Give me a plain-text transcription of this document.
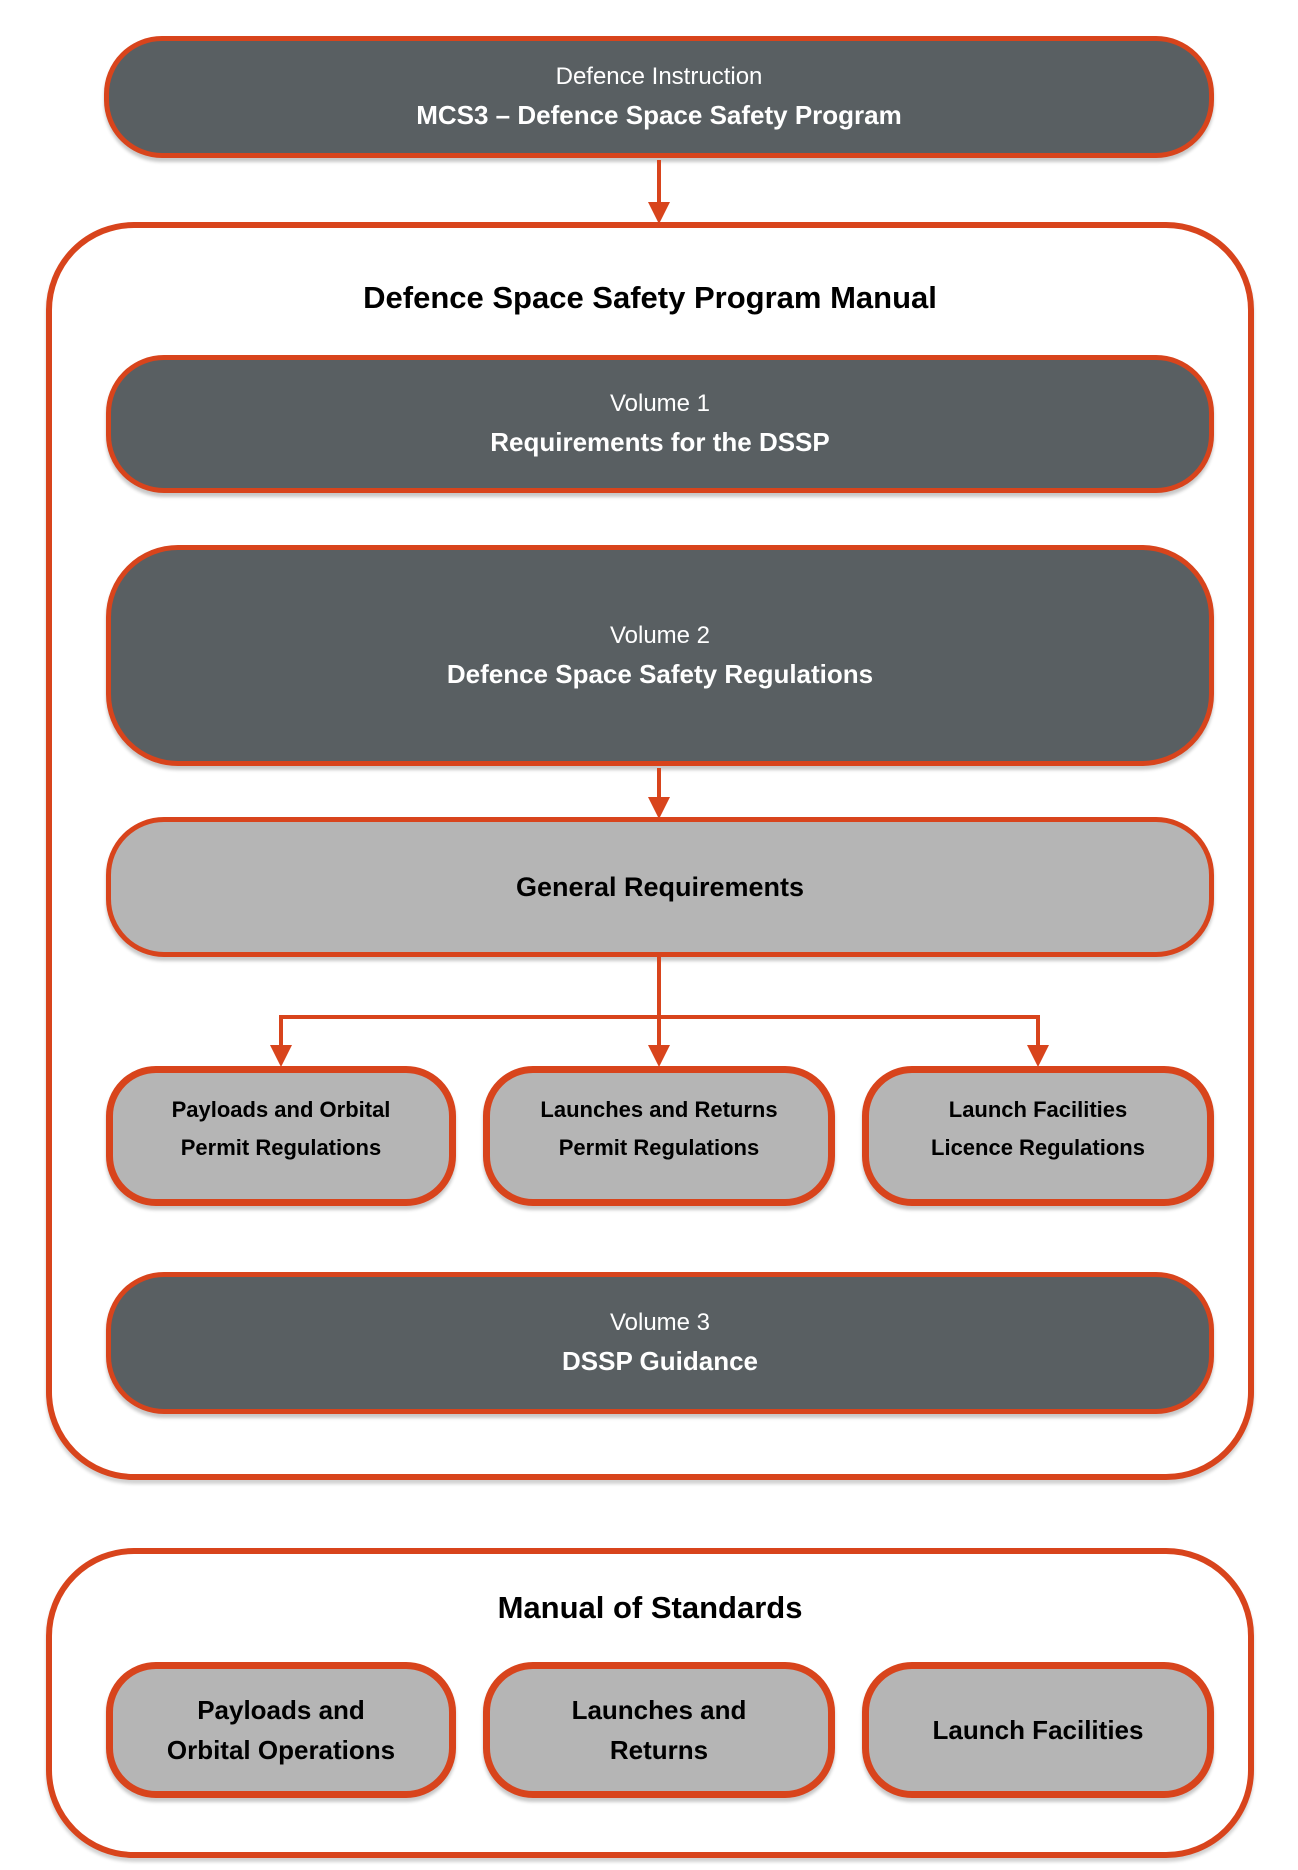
Defence Instruction
MCS3 – Defence Space Safety Program
Defence Space Safety Program Manual
Volume 1
Requirements for the DSSP
Volume 2
Defence Space Safety Regulations
General Requirements
Payloads and Orbital
Permit Regulations
Launches and Returns
Permit Regulations
Launch Facilities
Licence Regulations
Volume 3
DSSP Guidance
Manual of Standards
Payloads and
Orbital Operations
Launches and
Returns
Launch Facilities
